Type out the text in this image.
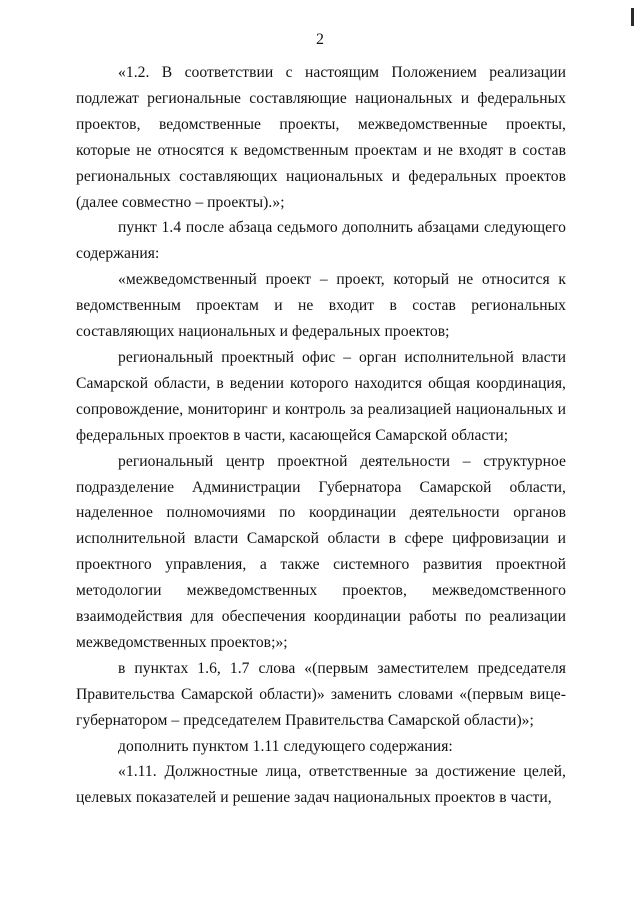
2

«1.2. В соответствии с настоящим Положением реализации подлежат региональные составляющие национальных и федеральных проектов, ведомственные проекты, межведомственные проекты, которые не относятся к ведомственным проектам и не входят в состав региональных составляющих национальных и федеральных проектов (далее совместно – проекты).»;

пункт 1.4 после абзаца седьмого дополнить абзацами следующего содержания:

«межведомственный проект – проект, который не относится к ведомственным проектам и не входит в состав региональных составляющих национальных и федеральных проектов;

региональный проектный офис – орган исполнительной власти Самарской области, в ведении которого находится общая координация, сопровождение, мониторинг и контроль за реализацией национальных и федеральных проектов в части, касающейся Самарской области;

региональный центр проектной деятельности – структурное подразделение Администрации Губернатора Самарской области, наделенное полномочиями по координации деятельности органов исполнительной власти Самарской области в сфере цифровизации и проектного управления, а также системного развития проектной методологии межведомственных проектов, межведомственного взаимодействия для обеспечения координации работы по реализации межведомственных проектов;»;

в пунктах 1.6, 1.7 слова «(первым заместителем председателя Правительства Самарской области)» заменить словами «(первым вице-губернатором – председателем Правительства Самарской области)»;

дополнить пунктом 1.11 следующего содержания:

«1.11. Должностные лица, ответственные за достижение целей, целевых показателей и решение задач национальных проектов в части,
